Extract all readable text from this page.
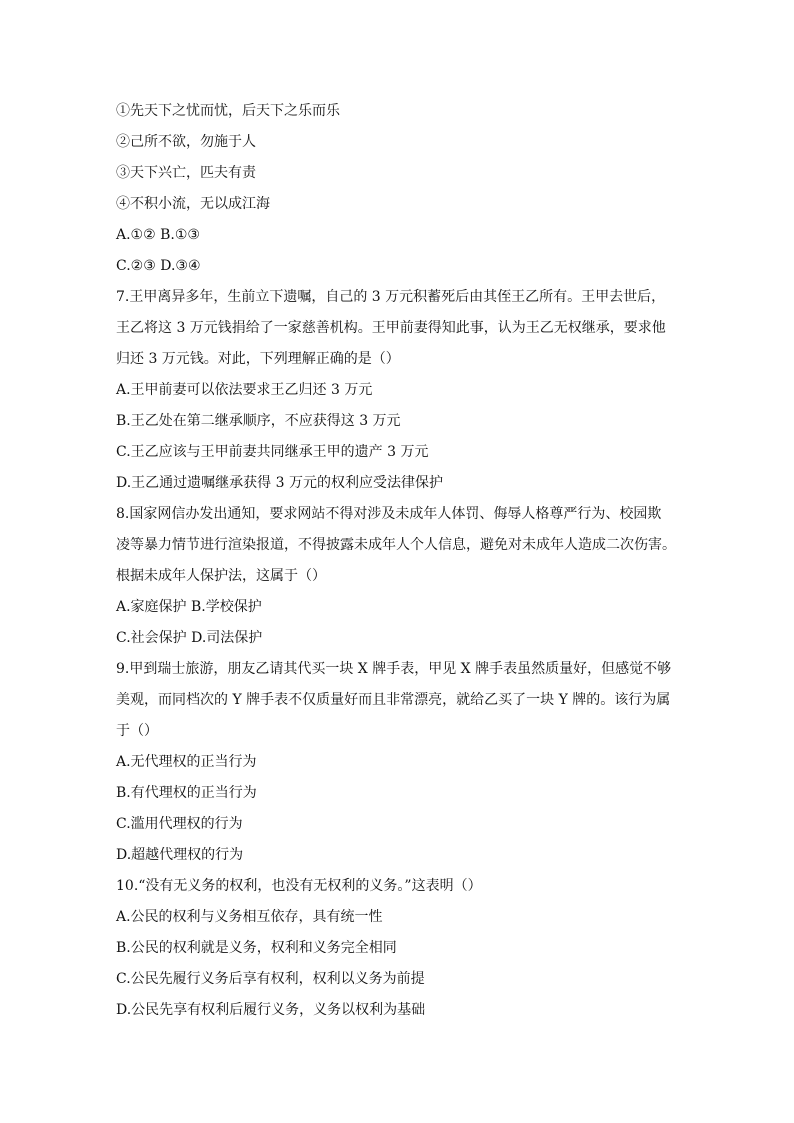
①先天下之忧而忧，后天下之乐而乐
②己所不欲，勿施于人
③天下兴亡，匹夫有责
④不积小流，无以成江海
A.①② B.①③
C.②③ D.③④
7.王甲离异多年，生前立下遗嘱，自己的 3 万元积蓄死后由其侄王乙所有。王甲去世后，
王乙将这 3 万元钱捐给了一家慈善机构。王甲前妻得知此事，认为王乙无权继承，要求他
归还 3 万元钱。对此，下列理解正确的是（）
A.王甲前妻可以依法要求王乙归还 3 万元
B.王乙处在第二继承顺序，不应获得这 3 万元
C.王乙应该与王甲前妻共同继承王甲的遗产 3 万元
D.王乙通过遗嘱继承获得 3 万元的权利应受法律保护
8.国家网信办发出通知，要求网站不得对涉及未成年人体罚、侮辱人格尊严行为、校园欺
凌等暴力情节进行渲染报道，不得披露未成年人个人信息，避免对未成年人造成二次伤害。
根据未成年人保护法，这属于（）
A.家庭保护 B.学校保护
C.社会保护 D.司法保护
9.甲到瑞士旅游，朋友乙请其代买一块 X 牌手表，甲见 X 牌手表虽然质量好，但感觉不够
美观，而同档次的 Y 牌手表不仅质量好而且非常漂亮，就给乙买了一块 Y 牌的。该行为属
于（）
A.无代理权的正当行为
B.有代理权的正当行为
C.滥用代理权的行为
D.超越代理权的行为
10.“没有无义务的权利，也没有无权利的义务。”这表明（）
A.公民的权利与义务相互依存，具有统一性
B.公民的权利就是义务，权利和义务完全相同
C.公民先履行义务后享有权利，权利以义务为前提
D.公民先享有权利后履行义务，义务以权利为基础
